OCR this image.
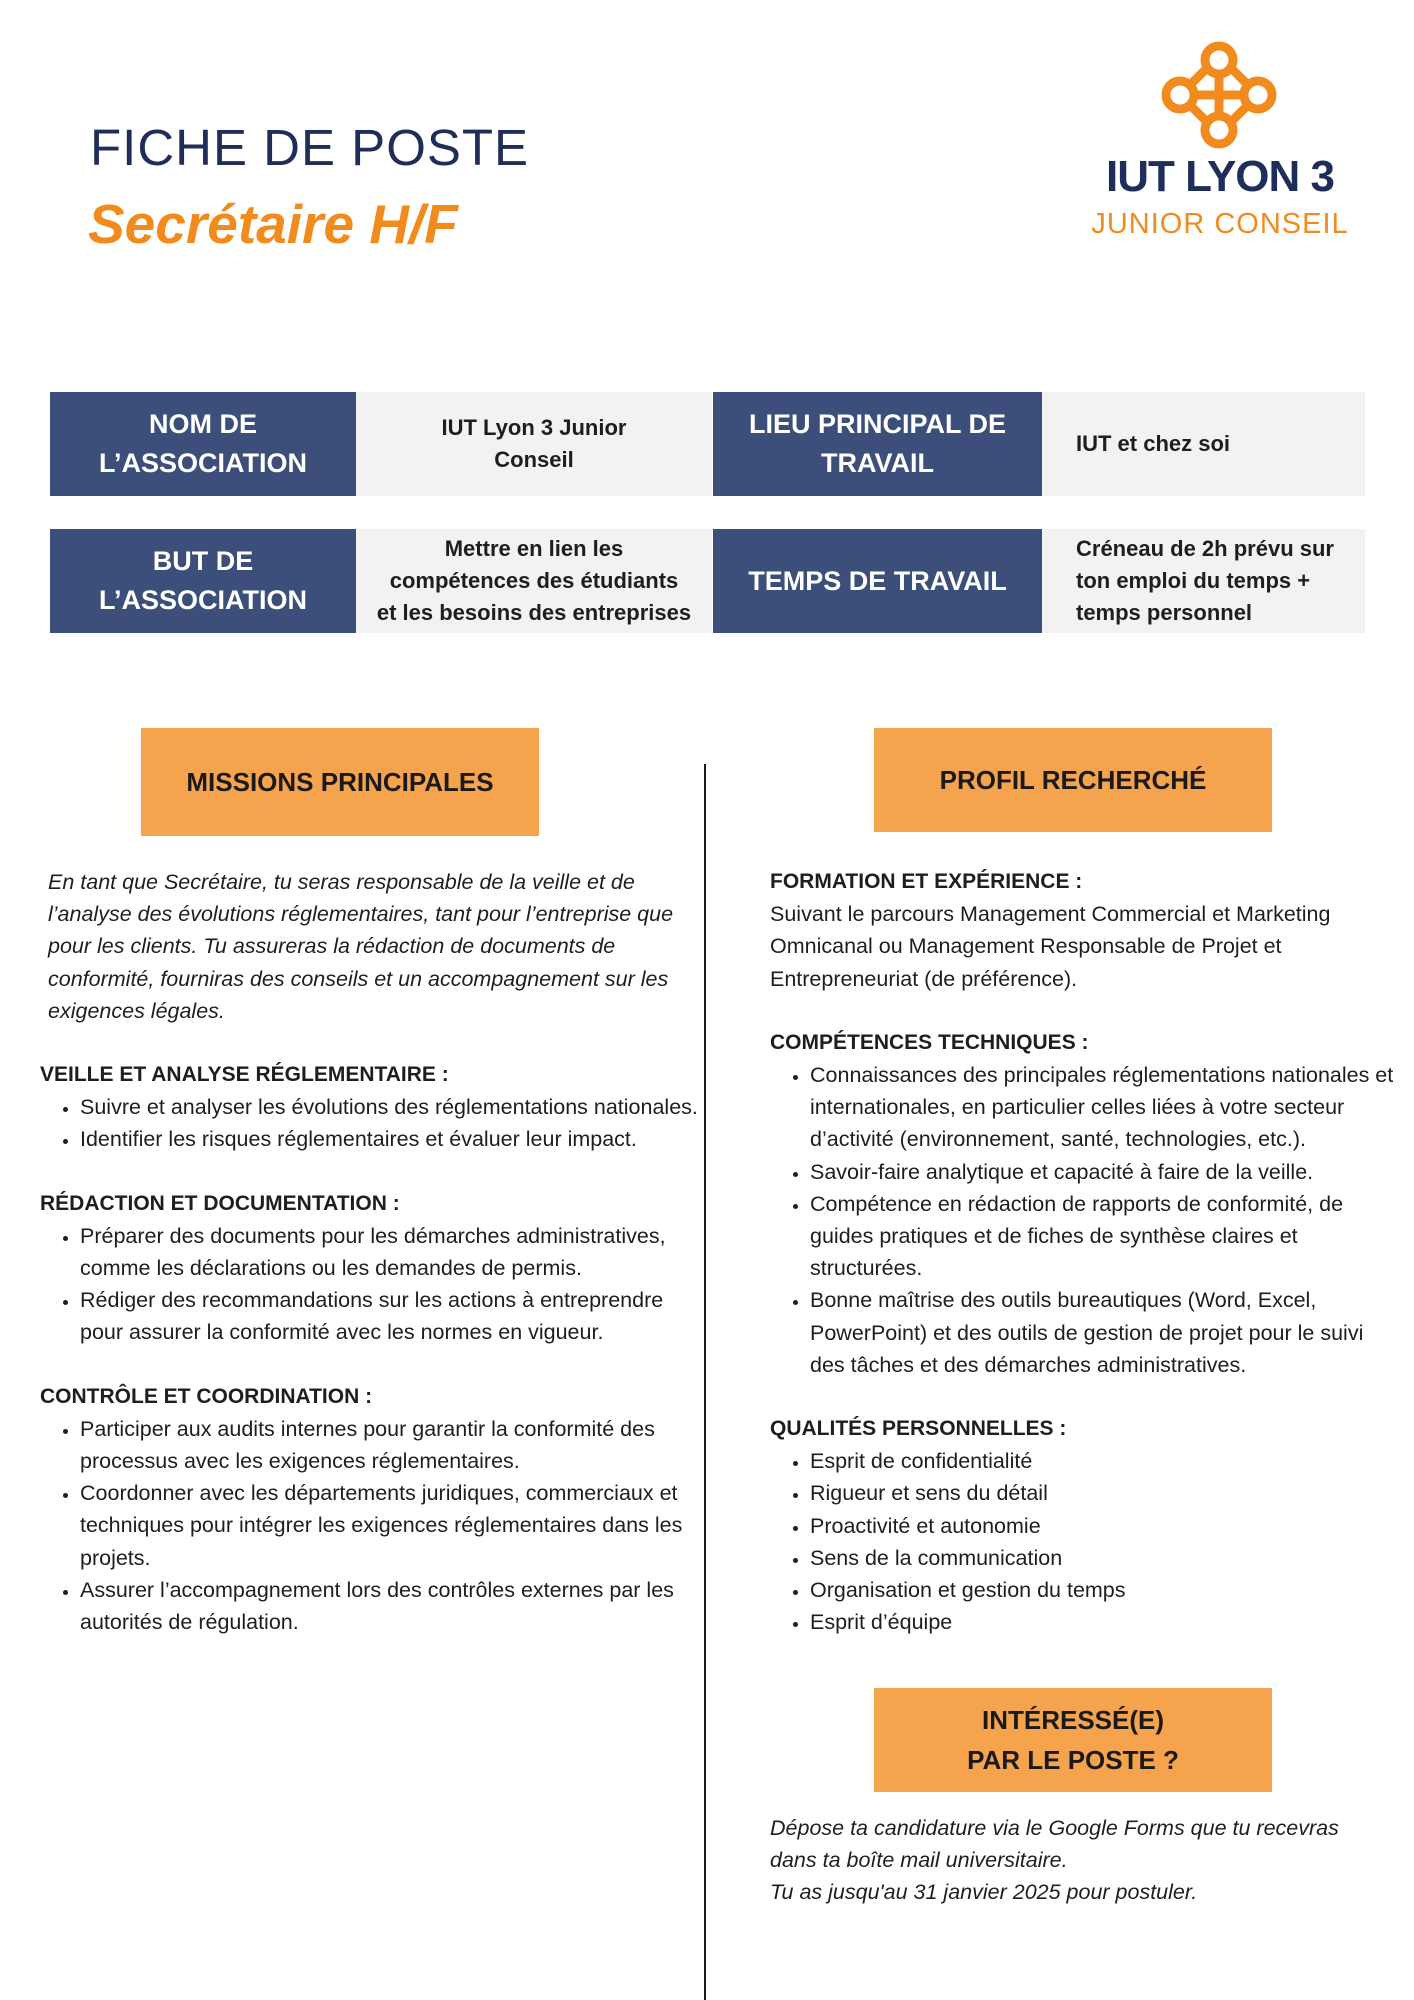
FICHE DE POSTE
Secrétaire H/F
IUT LYON 3
JUNIOR CONSEIL
NOM DE
L’ASSOCIATION
IUT Lyon 3 Junior
Conseil
LIEU PRINCIPAL DE
TRAVAIL
IUT et chez soi
BUT DE
L’ASSOCIATION
Mettre en lien les
compétences des étudiants
et les besoins des entreprises
TEMPS DE TRAVAIL
Créneau de 2h prévu sur
ton emploi du temps +
temps personnel
MISSIONS PRINCIPALES	PROFIL RECHERCHÉ

En tant que Secrétaire, tu seras responsable de la veille et de l’analyse des évolutions réglementaires, tant pour l’entreprise que pour les clients. Tu assureras la rédaction de documents de conformité, fourniras des conseils et un accompagnement sur les exigences légales.

VEILLE ET ANALYSE RÉGLEMENTAIRE :

• Suivre et analyser les évolutions des réglementations nationales.
• Identifier les risques réglementaires et évaluer leur impact.

RÉDACTION ET DOCUMENTATION :

• Préparer des documents pour les démarches administratives, comme les déclarations ou les demandes de permis.
• Rédiger des recommandations sur les actions à entreprendre pour assurer la conformité avec les normes en vigueur.

CONTRÔLE ET COORDINATION :

• Participer aux audits internes pour garantir la conformité des processus avec les exigences réglementaires.
• Coordonner avec les départements juridiques, commerciaux et techniques pour intégrer les exigences réglementaires dans les projets.
• Assurer l’accompagnement lors des contrôles externes par les autorités de régulation.

FORMATION ET EXPÉRIENCE :

Suivant le parcours Management Commercial et Marketing Omnicanal ou Management Responsable de Projet et Entrepreneuriat (de préférence).

COMPÉTENCES TECHNIQUES :

• Connaissances des principales réglementations nationales et internationales, en particulier celles liées à votre secteur d’activité (environnement, santé, technologies, etc.).
• Savoir-faire analytique et capacité à faire de la veille.
• Compétence en rédaction de rapports de conformité, de guides pratiques et de fiches de synthèse claires et structurées.
• Bonne maîtrise des outils bureautiques (Word, Excel, PowerPoint) et des outils de gestion de projet pour le suivi des tâches et des démarches administratives.

QUALITÉS PERSONNELLES :

• Esprit de confidentialité
• Rigueur et sens du détail
• Proactivité et autonomie
• Sens de la communication
• Organisation et gestion du temps
• Esprit d’équipe
INTÉRESSÉ(E)
PAR LE POSTE ?

Dépose ta candidature via le Google Forms que tu recevras dans ta boîte mail universitaire.

Tu as jusqu'au 31 janvier 2025 pour postuler.
